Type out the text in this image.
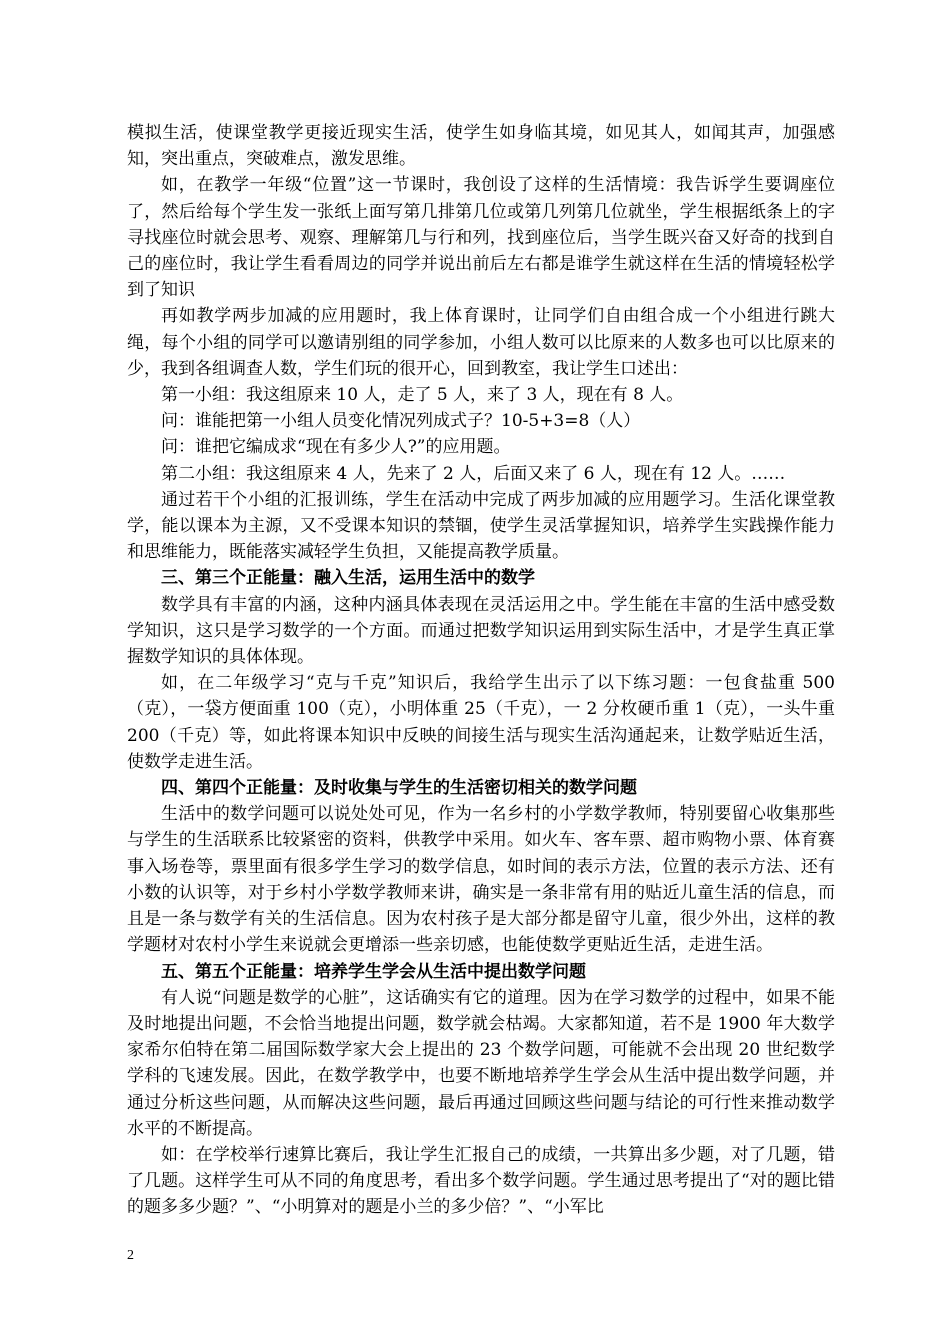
模拟生活，使课堂教学更接近现实生活，使学生如身临其境，如见其人，如闻其声，加强感知，突出重点，突破难点，激发思维。

如，在教学一年级“位置”这一节课时，我创设了这样的生活情境：我告诉学生要调座位了，然后给每个学生发一张纸上面写第几排第几位或第几列第几位就坐，学生根据纸条上的字寻找座位时就会思考、观察、理解第几与行和列，找到座位后，当学生既兴奋又好奇的找到自己的座位时，我让学生看看周边的同学并说出前后左右都是谁学生就这样在生活的情境轻松学到了知识

再如教学两步加减的应用题时，我上体育课时，让同学们自由组合成一个小组进行跳大绳，每个小组的同学可以邀请别组的同学参加，小组人数可以比原来的人数多也可以比原来的少，我到各组调查人数，学生们玩的很开心，回到教室，我让学生口述出：

第一小组：我这组原来 10 人，走了 5 人，来了 3 人，现在有 8 人。

问：谁能把第一小组人员变化情况列成式子？10-5+3=8（人）

问：谁把它编成求“现在有多少人?”的应用题。

第二小组：我这组原来 4 人，先来了 2 人，后面又来了 6 人，现在有 12 人。……

通过若干个小组的汇报训练，学生在活动中完成了两步加减的应用题学习。生活化课堂教学，能以课本为主源，又不受课本知识的禁锢，使学生灵活掌握知识，培养学生实践操作能力和思维能力，既能落实减轻学生负担，又能提高教学质量。

三、第三个正能量：融入生活，运用生活中的数学

数学具有丰富的内涵，这种内涵具体表现在灵活运用之中。学生能在丰富的生活中感受数学知识，这只是学习数学的一个方面。而通过把数学知识运用到实际生活中，才是学生真正掌握数学知识的具体体现。

如，在二年级学习“克与千克”知识后，我给学生出示了以下练习题：一包食盐重 500（克），一袋方便面重 100（克），小明体重 25（千克），一 2 分枚硬币重 1（克），一头牛重 200（千克）等，如此将课本知识中反映的间接生活与现实生活沟通起来，让数学贴近生活，使数学走进生活。

四、第四个正能量：及时收集与学生的生活密切相关的数学问题

生活中的数学问题可以说处处可见，作为一名乡村的小学数学教师，特别要留心收集那些与学生的生活联系比较紧密的资料，供教学中采用。如火车、客车票、超市购物小票、体育赛事入场卷等，票里面有很多学生学习的数学信息，如时间的表示方法，位置的表示方法、还有小数的认识等，对于乡村小学数学教师来讲，确实是一条非常有用的贴近儿童生活的信息，而且是一条与数学有关的生活信息。因为农村孩子是大部分都是留守儿童，很少外出，这样的教学题材对农村小学生来说就会更增添一些亲切感，也能使数学更贴近生活，走进生活。

五、第五个正能量：培养学生学会从生活中提出数学问题

有人说“问题是数学的心脏”，这话确实有它的道理。因为在学习数学的过程中，如果不能及时地提出问题，不会恰当地提出问题，数学就会枯竭。大家都知道，若不是 1900 年大数学家希尔伯特在第二届国际数学家大会上提出的 23 个数学问题，可能就不会出现 20 世纪数学学科的飞速发展。因此，在数学教学中，也要不断地培养学生学会从生活中提出数学问题，并通过分析这些问题，从而解决这些问题，最后再通过回顾这些问题与结论的可行性来推动数学水平的不断提高。

如：在学校举行速算比赛后，我让学生汇报自己的成绩，一共算出多少题，对了几题，错了几题。这样学生可从不同的角度思考，看出多个数学问题。学生通过思考提出了“对的题比错的题多多少题？”、“小明算对的题是小兰的多少倍？”、“小军比

2
